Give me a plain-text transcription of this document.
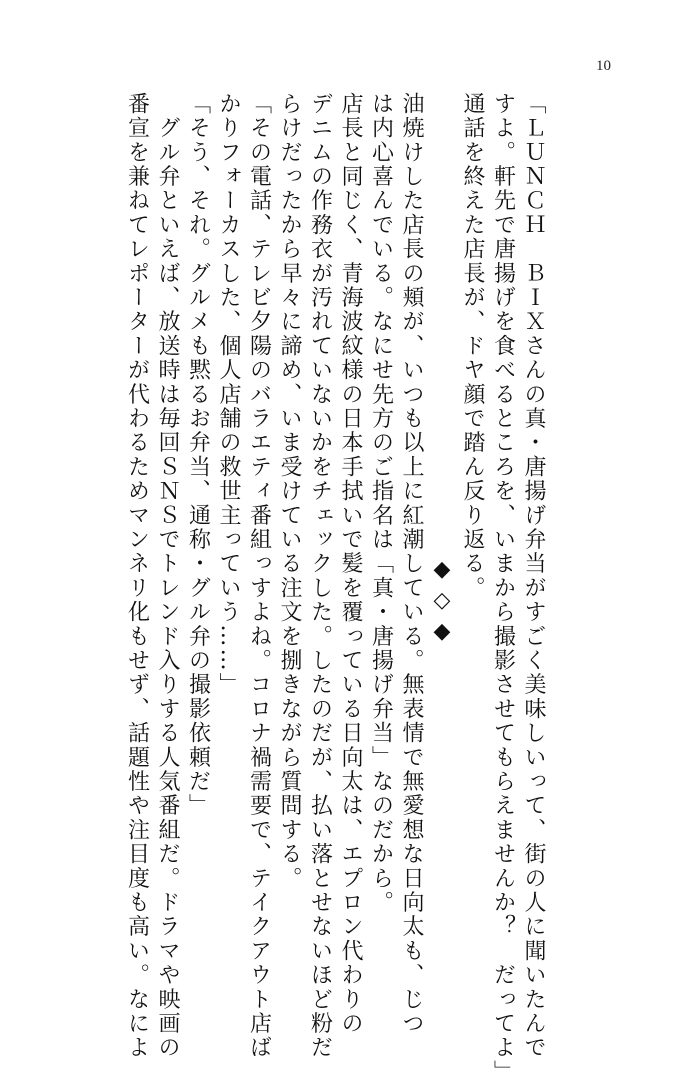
10
「ＬＵＮＣＨ　ＢＩＸさんの真・唐揚げ弁当がすごく美味しいって、街の人に聞いたんで
すよ。軒先で唐揚げを食べるところを、いまから撮影させてもらえませんか？　だってよ」
通話を終えた店長が、ドヤ顔で踏ん反り返る。
◆◇◆
油焼けした店長の頬が、いつも以上に紅潮している。無表情で無愛想な日向太も、じつ
は内心喜んでいる。なにせ先方のご指名は「真・唐揚げ弁当」なのだから。
店長と同じく、青海波紋様の日本手拭いで髪を覆っている日向太は、エプロン代わりの
デニムの作務衣が汚れていないかをチェックした。したのだが、払い落とせないほど粉だ
らけだったから早々に諦め、いま受けている注文を捌きながら質問する。
「その電話、テレビ夕陽のバラエティ番組っすよね。コロナ禍需要で、テイクアウト店ば
かりフォーカスした、個人店舗の救世主っていう……」
「そう、それ。グルメも黙るお弁当、通称・グル弁の撮影依頼だ」
　グル弁といえば、放送時は毎回ＳＮＳでトレンド入りする人気番組だ。ドラマや映画の
番宣を兼ねてレポーターが代わるためマンネリ化もせず、話題性や注目度も高い。なによ
